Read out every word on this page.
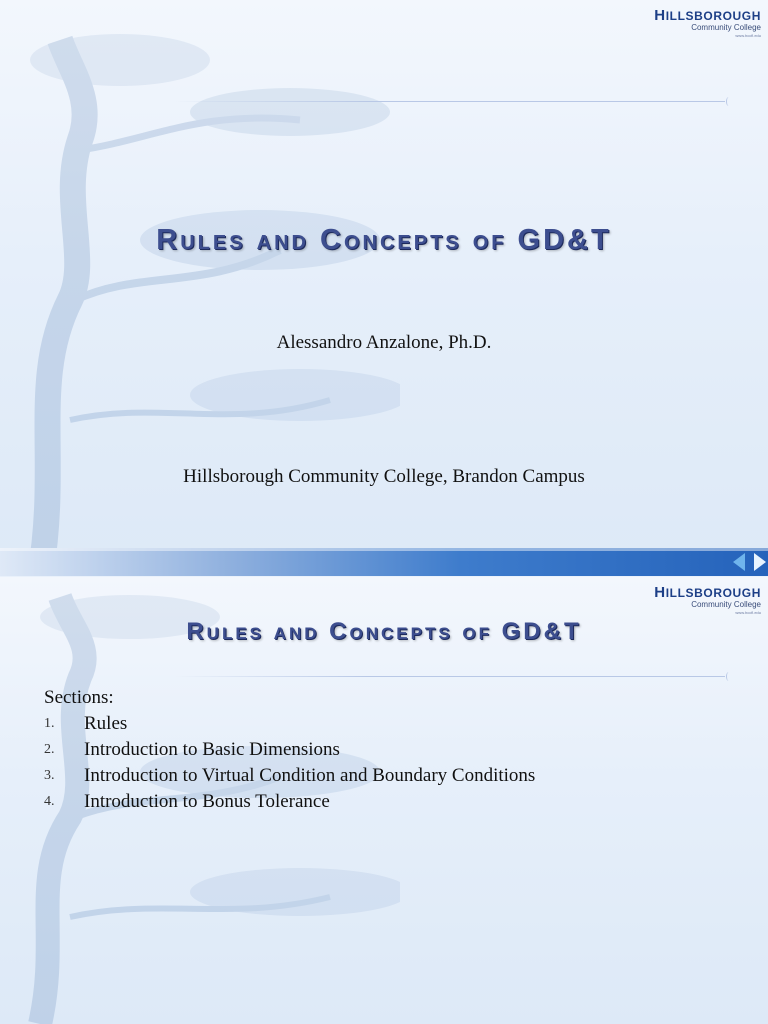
HILLSBOROUGH
Community College
www.hccfl.edu
Rules and Concepts of GD&T
Alessandro Anzalone, Ph.D.
Hillsborough Community College, Brandon Campus
HILLSBOROUGH
Community College
www.hccfl.edu
Rules and Concepts of GD&T
Sections:
1.	Rules
2.	Introduction to Basic Dimensions
3.	Introduction to Virtual Condition and Boundary Conditions
4.	Introduction to Bonus Tolerance
